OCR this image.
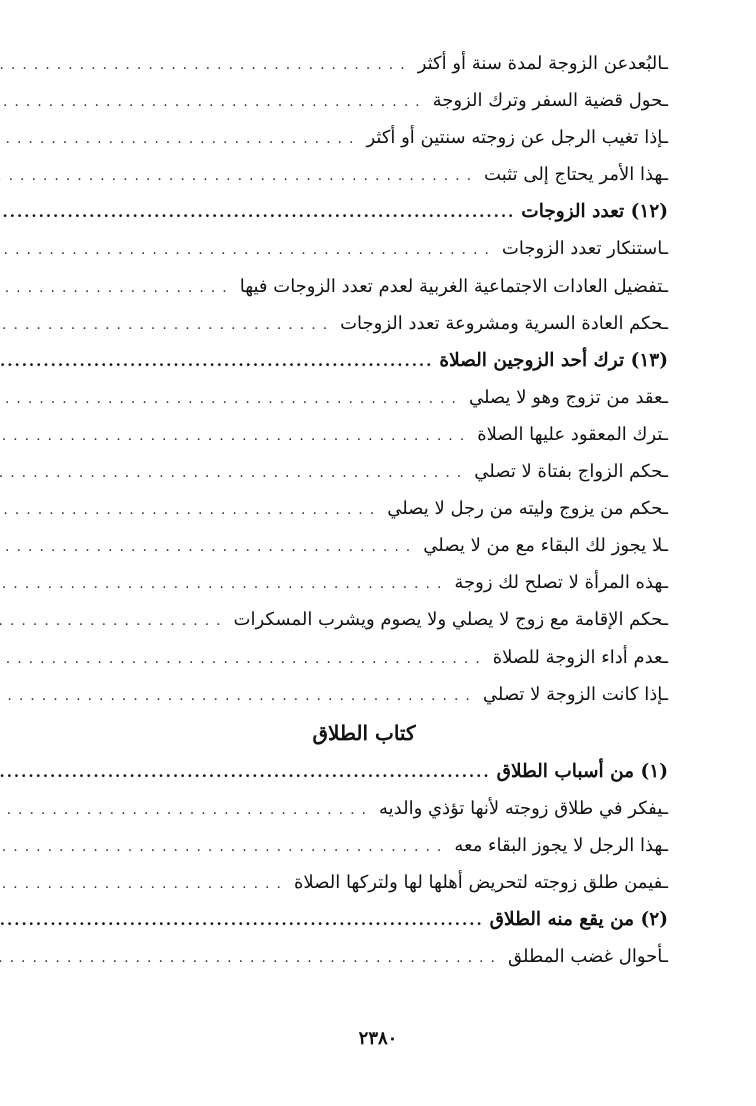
ـالبُعدعن الزوجة لمدة سنة أو أكثر
.....
ـحول قضية السفر وترك الزوجة
.....
ـإذا تغيب الرجل عن زوجته سنتين أو أكثر
.....
ـهذا الأمر يحتاج إلى تثبت
.....
(١٢) تعدد الزوجات
.....
ـاستنكار تعدد الزوجات
.....
ـتفضيل العادات الاجتماعية الغربية لعدم تعدد الزوجات فيها
.....
ـحكم العادة السرية ومشروعة تعدد الزوجات
.....
(١٣) ترك أحد الزوجين الصلاة
.....
ـعقد من تزوج وهو لا يصلي
.....
ـترك المعقود عليها الصلاة
.....
ـحكم الزواج بفتاة لا تصلي
.....
ـحكم من يزوج وليته من رجل لا يصلي
.....
ـلا يجوز لك البقاء مع من لا يصلي
.....
ـهذه المرأة لا تصلح لك زوجة
.....
ـحكم الإقامة مع زوج لا يصلي ولا يصوم ويشرب المسكرات
.....
ـعدم أداء الزوجة للصلاة
.....
ـإذا كانت الزوجة لا تصلي
.....
كتاب الطلاق
(١) من أسباب الطلاق
.....
ـيفكر في طلاق زوجته لأنها تؤذي والديه
.....
ـهذا الرجل لا يجوز البقاء معه
.....
ـفيمن طلق زوجته لتحريض أهلها لها ولتركها الصلاة
.....
(٢) من يقع منه الطلاق
.....
ـأحوال غضب المطلق
.....
٢٣٨٠
